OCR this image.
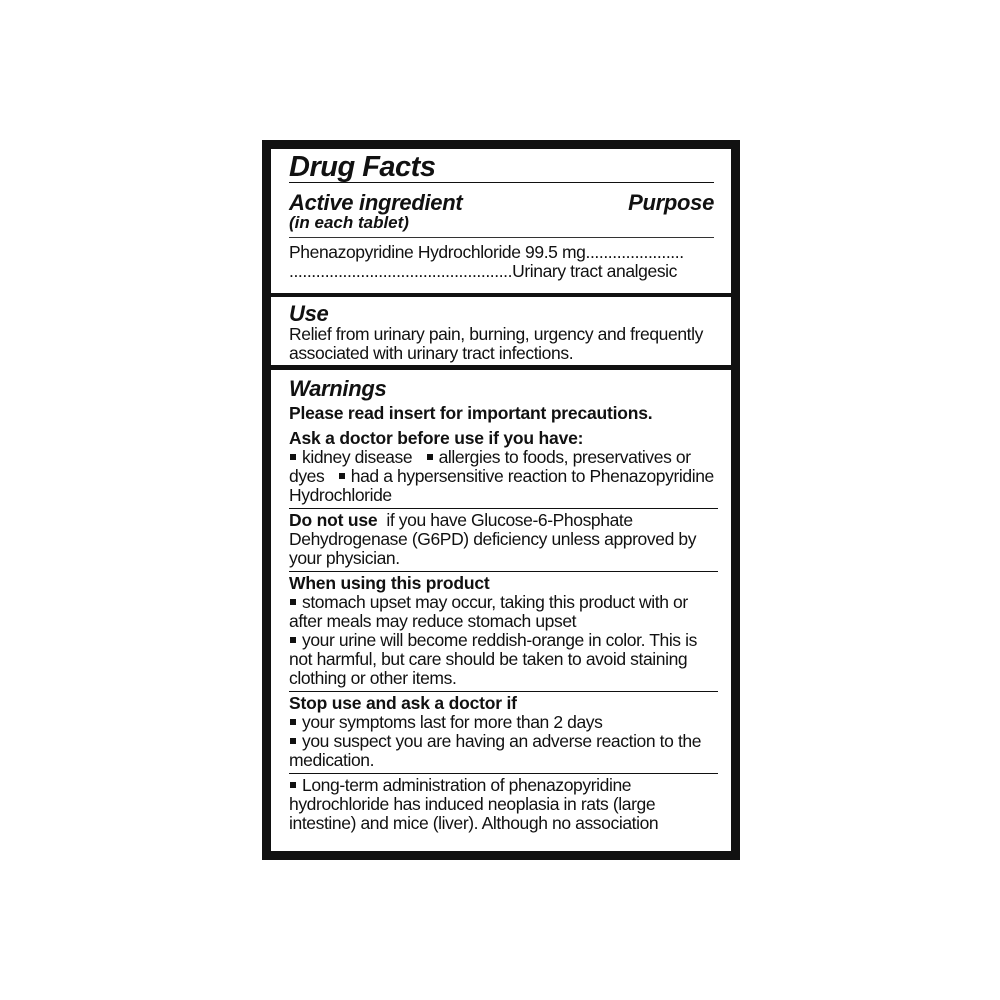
Drug Facts
Active ingredient	Purpose
(in each tablet)
Phenazopyridine Hydrochloride 99.5 mg......................
..................................................Urinary tract analgesic
Use
Relief from urinary pain, burning, urgency and frequently associated with urinary tract infections.
Warnings
Please read insert for important precautions.
Ask a doctor before use if you have:
kidney disease allergies to foods, preservatives or dyes had a hypersensitive reaction to Phenazopyridine Hydrochloride
Do not use if you have Glucose-6-Phosphate Dehydrogenase (G6PD) deficiency unless approved by your physician.
When using this product
stomach upset may occur, taking this product with or after meals may reduce stomach upset
your urine will become reddish-orange in color. This is not harmful, but care should be taken to avoid staining clothing or other items.
Stop use and ask a doctor if
your symptoms last for more than 2 days
you suspect you are having an adverse reaction to the medication.
Long-term administration of phenazopyridine hydrochloride has induced neoplasia in rats (large intestine) and mice (liver). Although no association
